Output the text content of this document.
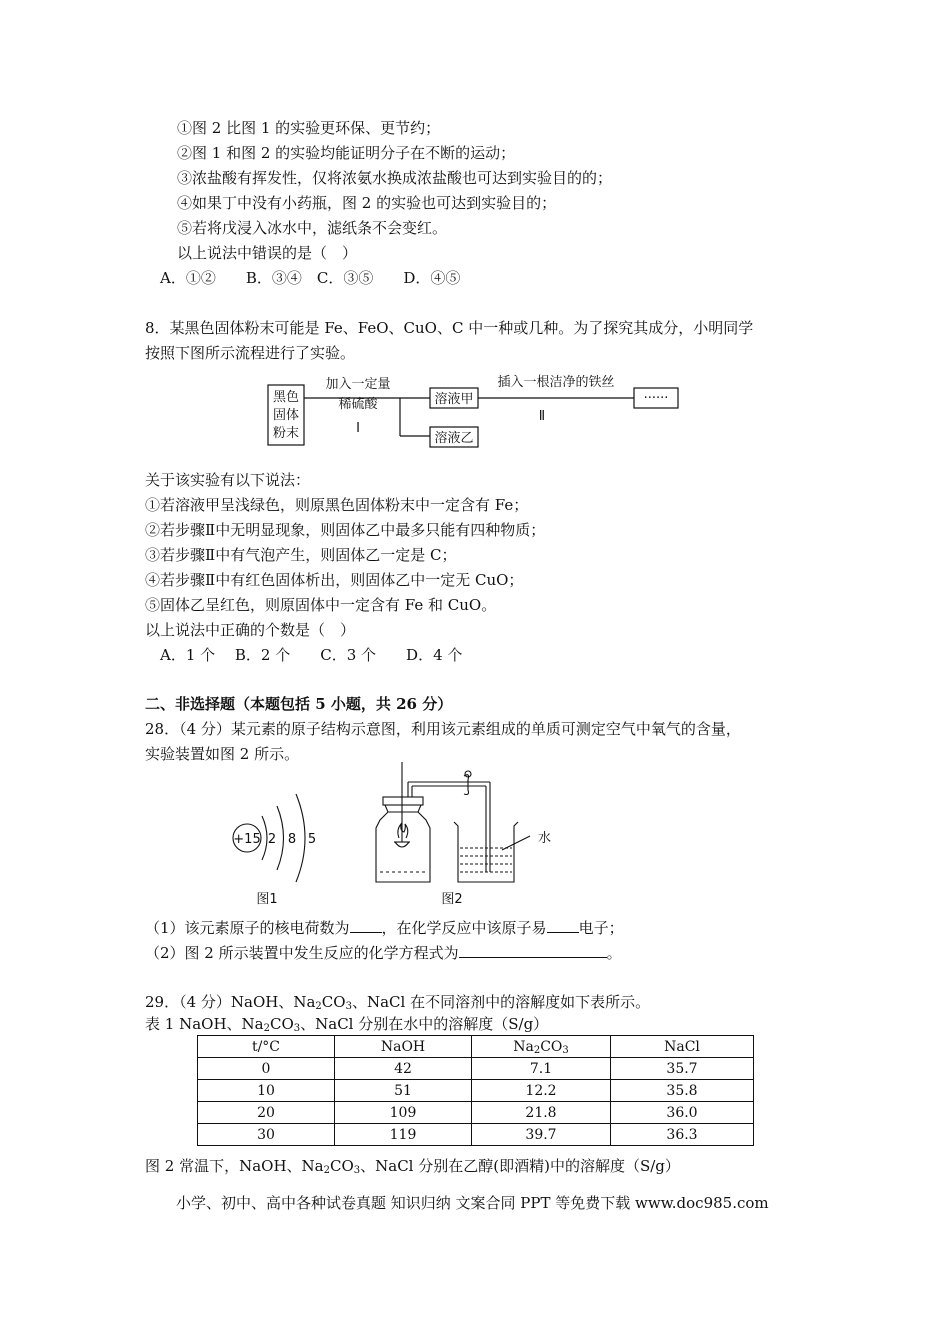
①图 2 比图 1 的实验更环保、更节约；
②图 1 和图 2 的实验均能证明分子在不断的运动；
③浓盐酸有挥发性，仅将浓氨水换成浓盐酸也可达到实验目的的；
④如果丁中没有小药瓶，图 2 的实验也可达到实验目的；
⑤若将戊浸入冰水中，滤纸条不会变红。
以上说法中错误的是（　）
A．①②　　B．③④　C．③⑤　　D．④⑤
8．某黑色固体粉末可能是 Fe、FeO、CuO、C 中一种或几种。为了探究其成分，小明同学
按照下图所示流程进行了实验。
黑色
固体
粉末
加入一定量
稀硫酸
Ⅰ
溶液甲
溶液乙
插入一根洁净的铁丝
Ⅱ
······
关于该实验有以下说法：
①若溶液甲呈浅绿色，则原黑色固体粉末中一定含有 Fe；
②若步骤Ⅱ中无明显现象，则固体乙中最多只能有四种物质；
③若步骤Ⅱ中有气泡产生，则固体乙一定是 C；
④若步骤Ⅱ中有红色固体析出，则固体乙中一定无 CuO；
⑤固体乙呈红色，则原固体中一定含有 Fe 和 CuO。
以上说法中正确的个数是（　）
A．1 个　 B．2 个　　C．3 个　　D．4 个
二、非选择题（本题包括 5 小题，共 26 分）
28．（4 分）某元素的原子结构示意图，利用该元素组成的单质可测定空气中氧气的含量，
实验装置如图 2 所示。
+15 2 8 5
图1	图2
水
（1）该元素原子的核电荷数为 ，在化学反应中该原子易 电子；
（2）图 2 所示装置中发生反应的化学方程式为	。
29．（4 分）NaOH、$Na_2CO_3$、NaCl 在不同溶剂中的溶解度如下表所示。
表 1 NaOH、$Na_2CO_3$、NaCl 分别在水中的溶解度（S/g）
t/°C	NaOH	$Na_2CO_3$	NaCl
0	42	7.1	35.7
10	51	12.2	35.8
20	109	21.8	36.0
30	119	39.7	36.3
图 2 常温下，NaOH、$Na_2CO_3$、NaCl 分别在乙醇(即酒精)中的溶解度（S/g）
小学、初中、高中各种试卷真题 知识归纳 文案合同 PPT 等免费下载 www.doc985.com
